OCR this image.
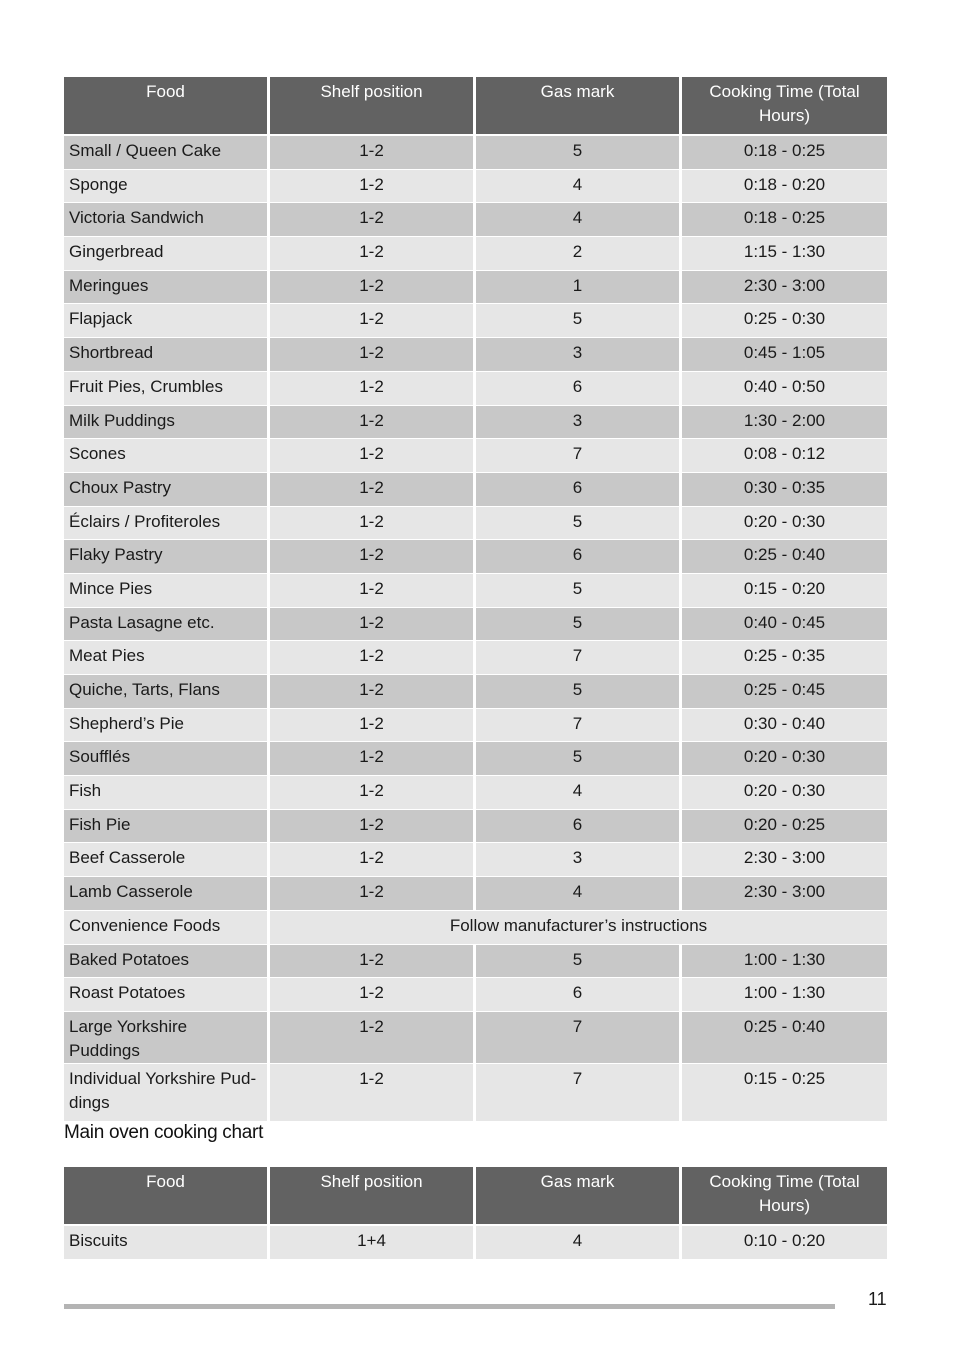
Food	Shelf position	Gas mark	Cooking Time (Total Hours)
Small / Queen Cake	1-2	5	0:18 - 0:25
Sponge	1-2	4	0:18 - 0:20
Victoria Sandwich	1-2	4	0:18 - 0:25
Gingerbread	1-2	2	1:15 - 1:30
Meringues	1-2	1	2:30 - 3:00
Flapjack	1-2	5	0:25 - 0:30
Shortbread	1-2	3	0:45 - 1:05
Fruit Pies, Crumbles	1-2	6	0:40 - 0:50
Milk Puddings	1-2	3	1:30 - 2:00
Scones	1-2	7	0:08 - 0:12
Choux Pastry	1-2	6	0:30 - 0:35
Éclairs / Profiteroles	1-2	5	0:20 - 0:30
Flaky Pastry	1-2	6	0:25 - 0:40
Mince Pies	1-2	5	0:15 - 0:20
Pasta Lasagne etc.	1-2	5	0:40 - 0:45
Meat Pies	1-2	7	0:25 - 0:35
Quiche, Tarts, Flans	1-2	5	0:25 - 0:45
Shepherd’s Pie	1-2	7	0:30 - 0:40
Soufflés	1-2	5	0:20 - 0:30
Fish	1-2	4	0:20 - 0:30
Fish Pie	1-2	6	0:20 - 0:25
Beef Casserole	1-2	3	2:30 - 3:00
Lamb Casserole	1-2	4	2:30 - 3:00
Convenience Foods	Follow manufacturer’s instructions		
Baked Potatoes	1-2	5	1:00 - 1:30
Roast Potatoes	1-2	6	1:00 - 1:30
Large Yorkshire Puddings	1-2	7	0:25 - 0:40
Individual Yorkshire Pud-dings	1-2	7	0:15 - 0:25
Main oven cooking chart
Food	Shelf position	Gas mark	Cooking Time (Total Hours)
Biscuits	1+4	4	0:10 - 0:20
11
